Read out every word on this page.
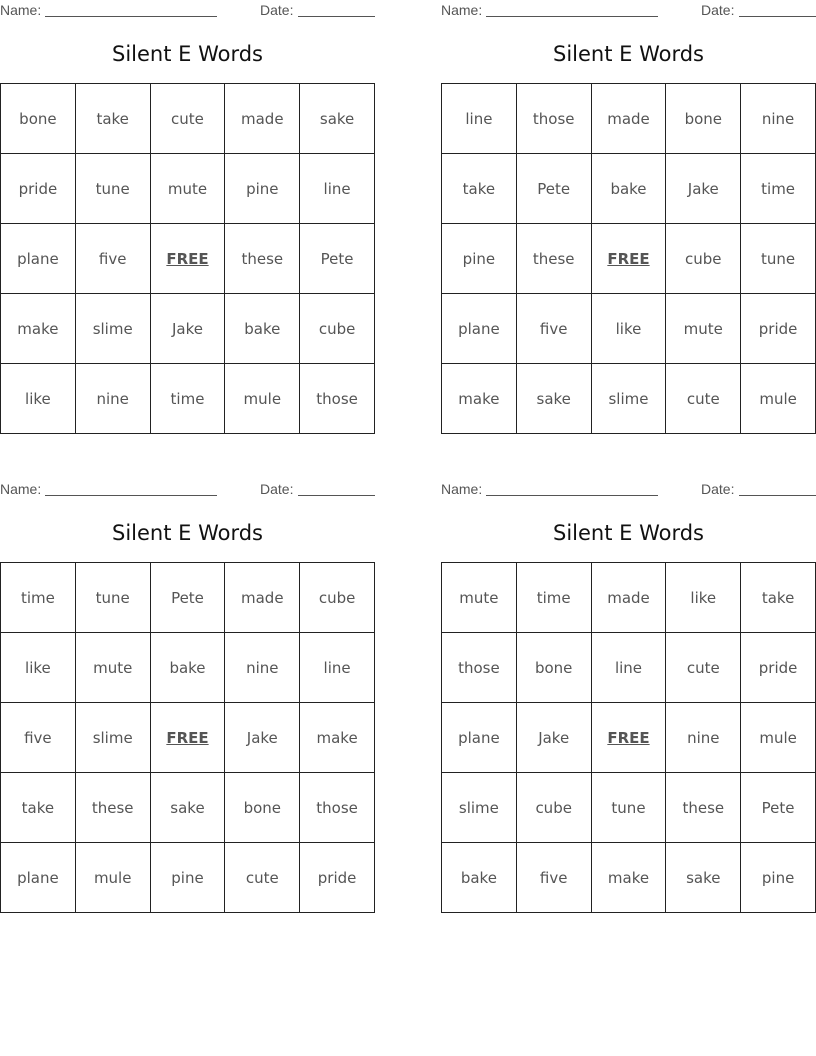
Name:	Date:
Silent E Words
bone	take	cute	made	sake
pride	tune	mute	pine	line
plane	five	FREE	these	Pete
make	slime	Jake	bake	cube
like	nine	time	mule	those
Name:	Date:
Silent E Words
line	those	made	bone	nine
take	Pete	bake	Jake	time
pine	these	FREE	cube	tune
plane	five	like	mute	pride
make	sake	slime	cute	mule
Name:	Date:
Silent E Words
time	tune	Pete	made	cube
like	mute	bake	nine	line
five	slime	FREE	Jake	make
take	these	sake	bone	those
plane	mule	pine	cute	pride
Name:	Date:
Silent E Words
mute	time	made	like	take
those	bone	line	cute	pride
plane	Jake	FREE	nine	mule
slime	cube	tune	these	Pete
bake	five	make	sake	pine
